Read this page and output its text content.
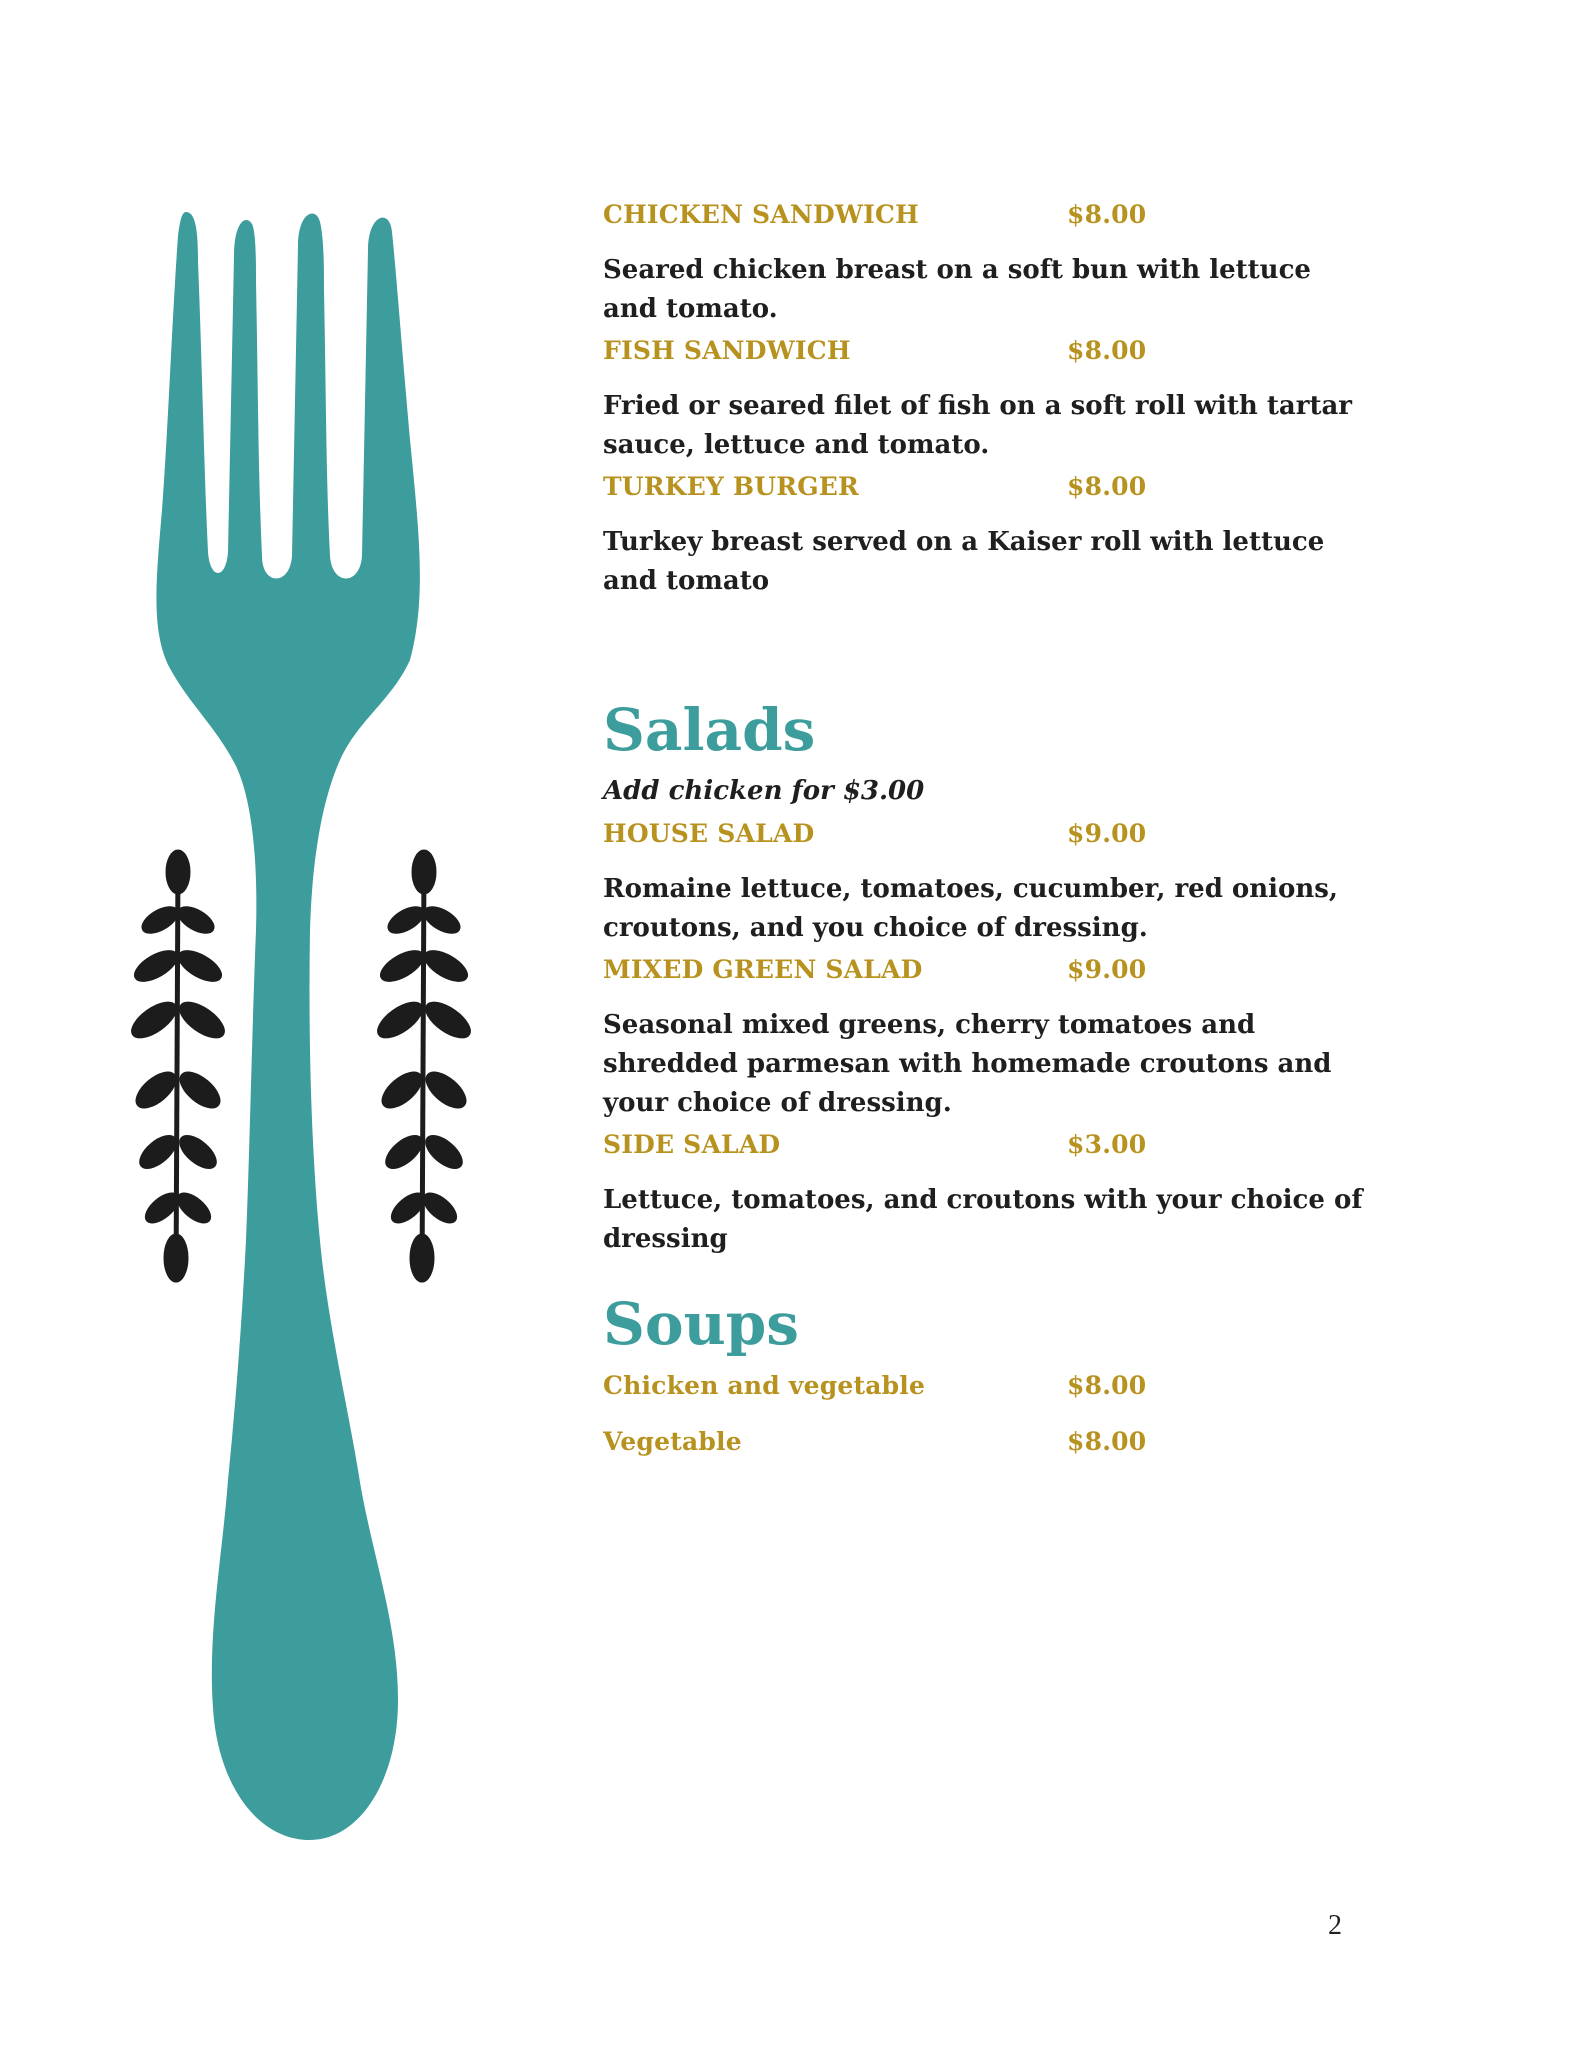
CHICKEN SANDWICH	$8.00
Seared chicken breast on a soft bun with lettuce and tomato.
FISH SANDWICH	$8.00
Fried or seared filet of fish on a soft roll with tartar sauce, lettuce and tomato.
TURKEY BURGER	$8.00
Turkey breast served on a Kaiser roll with lettuce and tomato
Salads
Add chicken for $3.00
HOUSE SALAD	$9.00
Romaine lettuce, tomatoes, cucumber, red onions, croutons, and you choice of dressing.
MIXED GREEN SALAD	$9.00
Seasonal mixed greens, cherry tomatoes and shredded parmesan with homemade croutons and your choice of dressing.
SIDE SALAD	$3.00
Lettuce, tomatoes, and croutons with your choice of dressing
Soups
Chicken and vegetable	$8.00
Vegetable	$8.00
2
